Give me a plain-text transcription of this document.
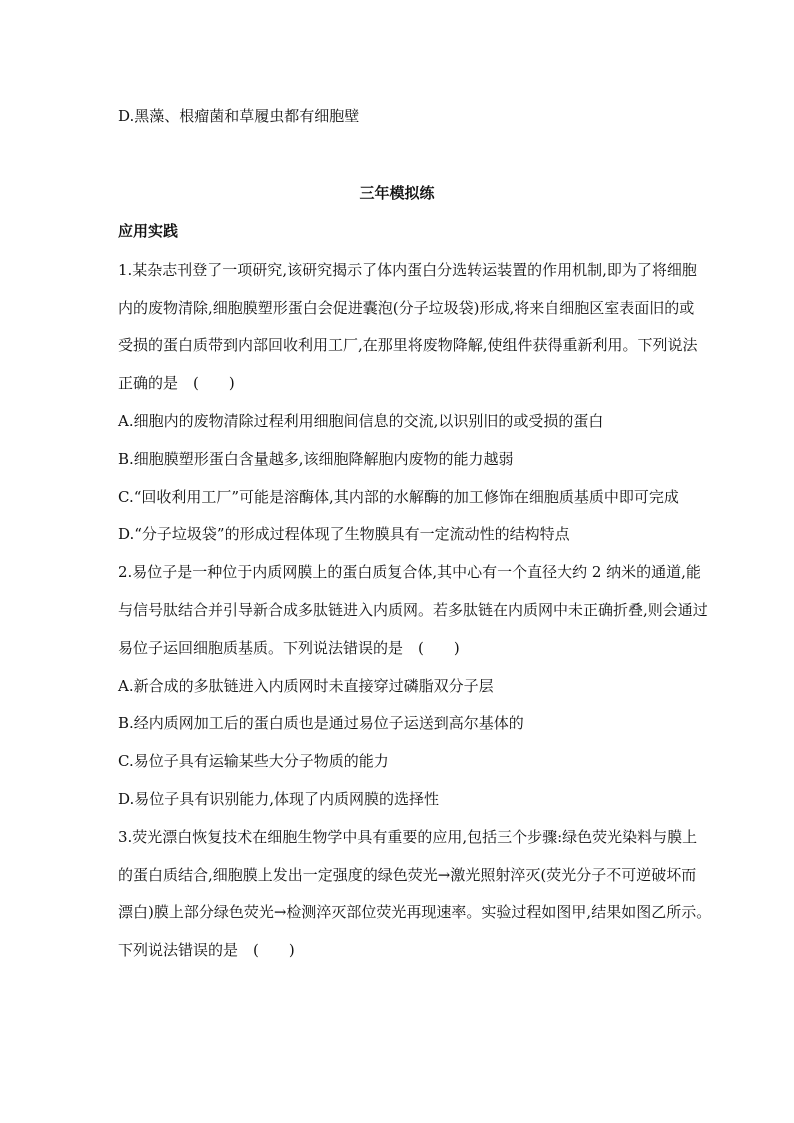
D.黑藻、根瘤菌和草履虫都有细胞壁
三年模拟练
应用实践
1.某杂志刊登了一项研究,该研究揭示了体内蛋白分选转运装置的作用机制,即为了将细胞
内的废物清除,细胞膜塑形蛋白会促进囊泡(分子垃圾袋)形成,将来自细胞区室表面旧的或
受损的蛋白质带到内部回收利用工厂,在那里将废物降解,使组件获得重新利用。下列说法
正确的是　(　　)
A.细胞内的废物清除过程利用细胞间信息的交流,以识别旧的或受损的蛋白
B.细胞膜塑形蛋白含量越多,该细胞降解胞内废物的能力越弱
C.“回收利用工厂”可能是溶酶体,其内部的水解酶的加工修饰在细胞质基质中即可完成
D.“分子垃圾袋”的形成过程体现了生物膜具有一定流动性的结构特点
2.易位子是一种位于内质网膜上的蛋白质复合体,其中心有一个直径大约 2 纳米的通道,能
与信号肽结合并引导新合成多肽链进入内质网。若多肽链在内质网中未正确折叠,则会通过
易位子运回细胞质基质。下列说法错误的是　(　　)
A.新合成的多肽链进入内质网时未直接穿过磷脂双分子层
B.经内质网加工后的蛋白质也是通过易位子运送到高尔基体的
C.易位子具有运输某些大分子物质的能力
D.易位子具有识别能力,体现了内质网膜的选择性
3.荧光漂白恢复技术在细胞生物学中具有重要的应用,包括三个步骤:绿色荧光染料与膜上
的蛋白质结合,细胞膜上发出一定强度的绿色荧光→激光照射淬灭(荧光分子不可逆破坏而
漂白)膜上部分绿色荧光→检测淬灭部位荧光再现速率。实验过程如图甲,结果如图乙所示。
下列说法错误的是　(　　)
